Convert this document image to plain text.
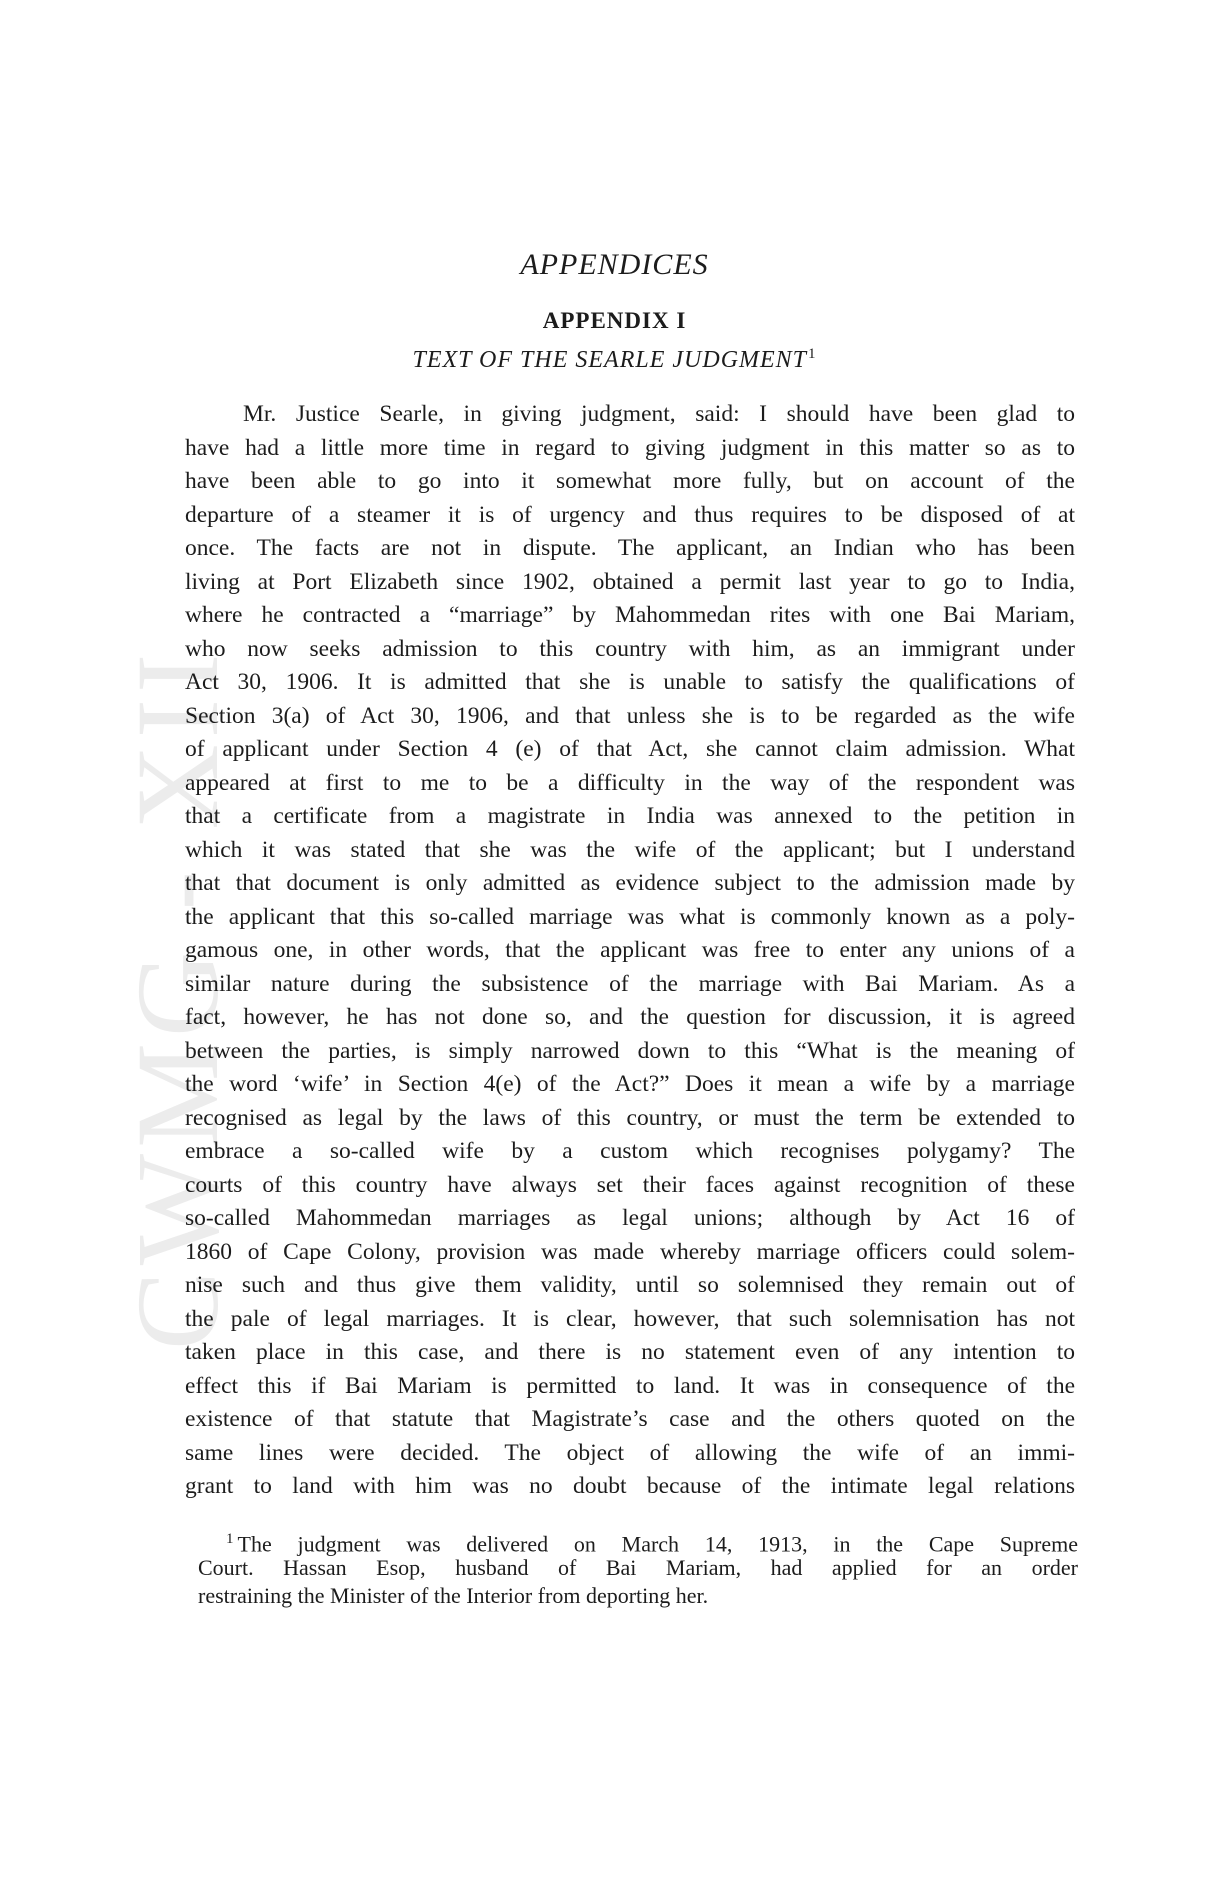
CWMG - XII
APPENDICES
APPENDIX I
TEXT OF THE SEARLE JUDGMENT$^1$
Mr. Justice Searle, in giving judgment, said: I should have been glad to
have had a little more time in regard to giving judgment in this matter so as to
have been able to go into it somewhat more fully, but on account of the
departure of a steamer it is of urgency and thus requires to be disposed of at
once. The facts are not in dispute. The applicant, an Indian who has been
living at Port Elizabeth since 1902, obtained a permit last year to go to India,
where he contracted a “marriage” by Mahommedan rites with one Bai Mariam,
who now seeks admission to this country with him, as an immigrant under
Act 30, 1906. It is admitted that she is unable to satisfy the qualifications of
Section 3(a) of Act 30, 1906, and that unless she is to be regarded as the wife
of applicant under Section 4 (e) of that Act, she cannot claim admission. What
appeared at first to me to be a difficulty in the way of the respondent was
that a certificate from a magistrate in India was annexed to the petition in
which it was stated that she was the wife of the applicant; but I understand
that that document is only admitted as evidence subject to the admission made by
the applicant that this so-called marriage was what is commonly known as a poly-
gamous one, in other words, that the applicant was free to enter any unions of a
similar nature during the subsistence of the marriage with Bai Mariam. As a
fact, however, he has not done so, and the question for discussion, it is agreed
between the parties, is simply narrowed down to this “What is the meaning of
the word ‘wife’ in Section 4(e) of the Act?” Does it mean a wife by a marriage
recognised as legal by the laws of this country, or must the term be extended to
embrace a so-called wife by a custom which recognises polygamy? The
courts of this country have always set their faces against recognition of these
so-called Mahommedan marriages as legal unions; although by Act 16 of
1860 of Cape Colony, provision was made whereby marriage officers could solem-
nise such and thus give them validity, until so solemnised they remain out of
the pale of legal marriages. It is clear, however, that such solemnisation has not
taken place in this case, and there is no statement even of any intention to
effect this if Bai Mariam is permitted to land. It was in consequence of the
existence of that statute that Magistrate’s case and the others quoted on the
same lines were decided. The object of allowing the wife of an immi-
grant to land with him was no doubt because of the intimate legal relations
$^1$ The judgment was delivered on March 14, 1913, in the Cape Supreme
Court. Hassan Esop, husband of Bai Mariam, had applied for an order
restraining the Minister of the Interior from deporting her.
